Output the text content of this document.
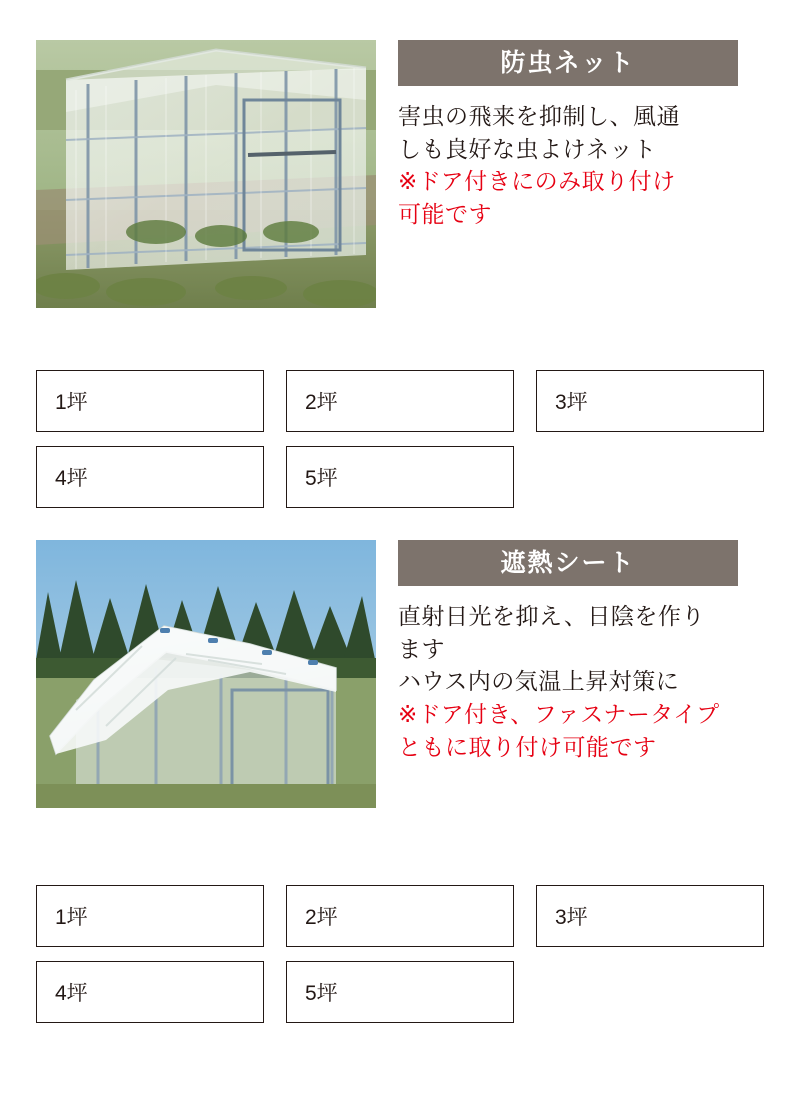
防虫ネット
害虫の飛来を抑制し、風通
しも良好な虫よけネット
※ドア付きにのみ取り付け
可能です
1坪	2坪	3坪
4坪	5坪
遮熱シート
直射日光を抑え、日陰を作り
ます
ハウス内の気温上昇対策に
※ドア付き、ファスナータイプ
ともに取り付け可能です
1坪	2坪	3坪
4坪	5坪
